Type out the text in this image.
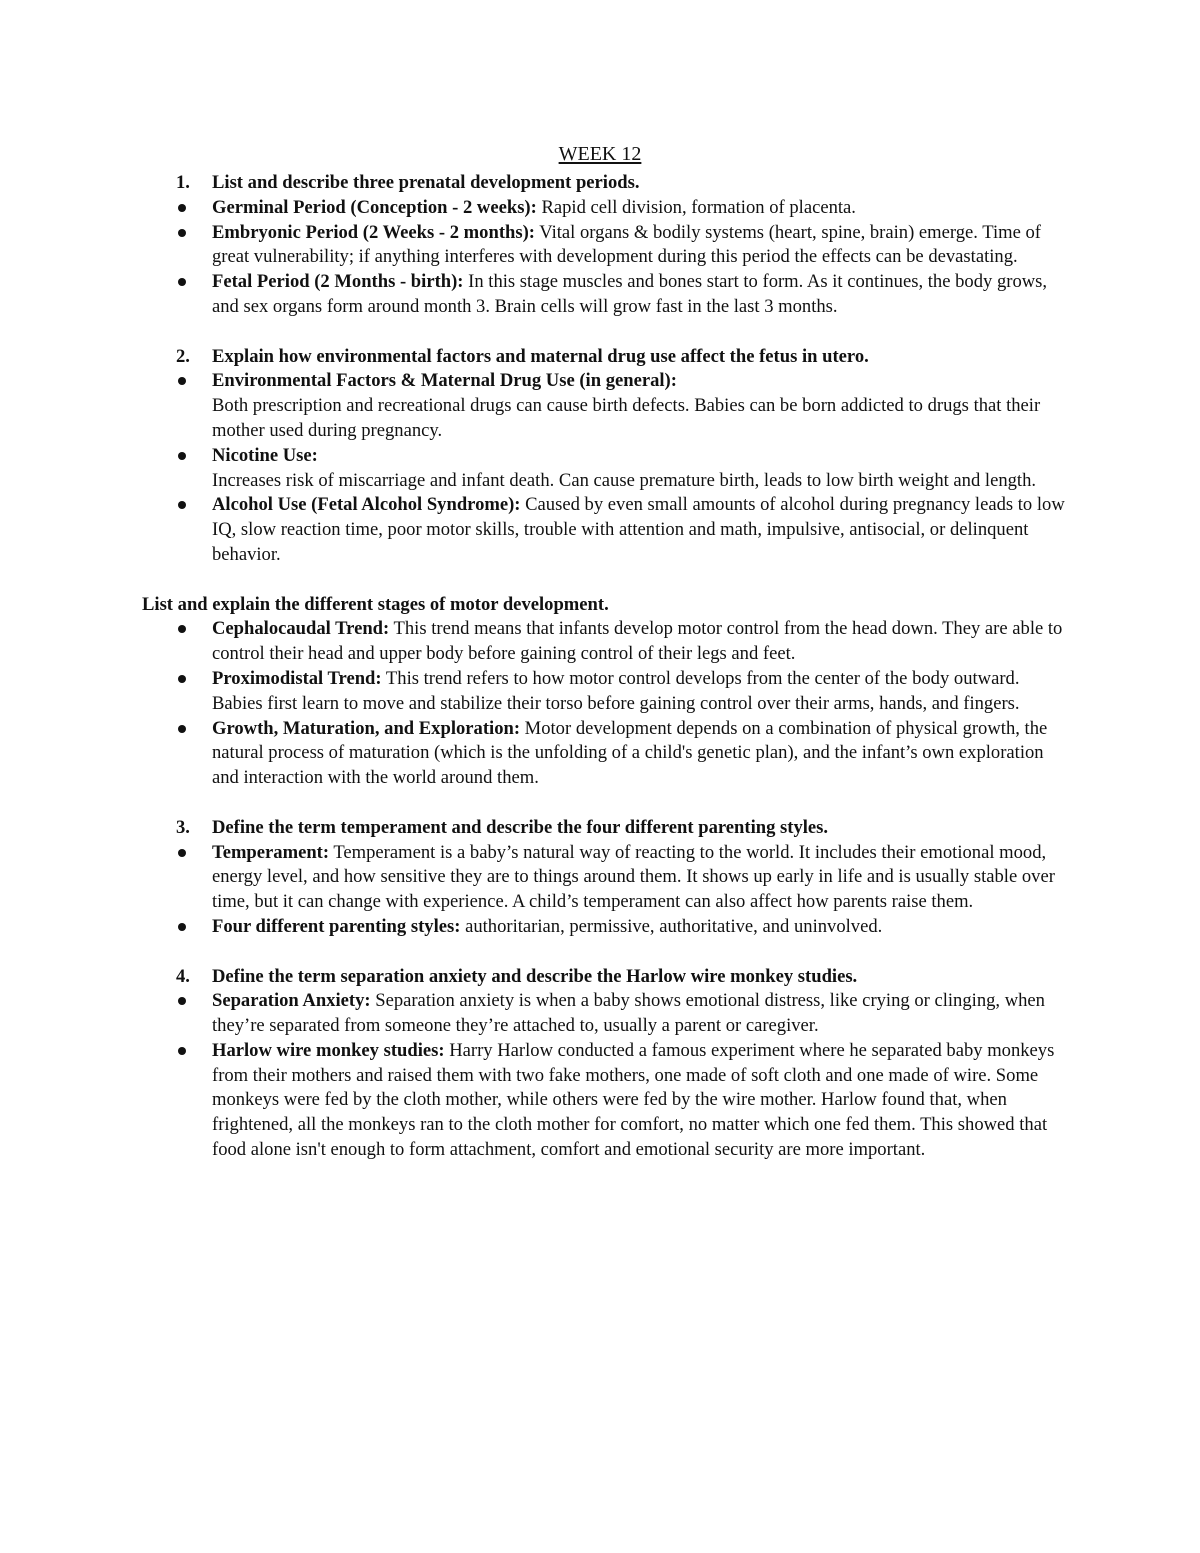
WEEK 12
1. List and describe three prenatal development periods.
Germinal Period (Conception - 2 weeks): Rapid cell division, formation of placenta.
Embryonic Period (2 Weeks - 2 months): Vital organs & bodily systems (heart, spine, brain) emerge. Time of great vulnerability; if anything interferes with development during this period the effects can be devastating.
Fetal Period (2 Months - birth): In this stage muscles and bones start to form. As it continues, the body grows, and sex organs form around month 3. Brain cells will grow fast in the last 3 months.
2. Explain how environmental factors and maternal drug use affect the fetus in utero.
Environmental Factors & Maternal Drug Use (in general):
Both prescription and recreational drugs can cause birth defects. Babies can be born addicted to drugs that their mother used during pregnancy.
Nicotine Use:
Increases risk of miscarriage and infant death. Can cause premature birth, leads to low birth weight and length.
Alcohol Use (Fetal Alcohol Syndrome): Caused by even small amounts of alcohol during pregnancy leads to low IQ, slow reaction time, poor motor skills, trouble with attention and math, impulsive, antisocial, or delinquent behavior.
List and explain the different stages of motor development.
Cephalocaudal Trend: This trend means that infants develop motor control from the head down. They are able to control their head and upper body before gaining control of their legs and feet.
Proximodistal Trend: This trend refers to how motor control develops from the center of the body outward. Babies first learn to move and stabilize their torso before gaining control over their arms, hands, and fingers.
Growth, Maturation, and Exploration: Motor development depends on a combination of physical growth, the natural process of maturation (which is the unfolding of a child's genetic plan), and the infant’s own exploration and interaction with the world around them.
3. Define the term temperament and describe the four different parenting styles.
Temperament: Temperament is a baby’s natural way of reacting to the world. It includes their emotional mood, energy level, and how sensitive they are to things around them. It shows up early in life and is usually stable over time, but it can change with experience. A child’s temperament can also affect how parents raise them.
Four different parenting styles: authoritarian, permissive, authoritative, and uninvolved.
4. Define the term separation anxiety and describe the Harlow wire monkey studies.
Separation Anxiety: Separation anxiety is when a baby shows emotional distress, like crying or clinging, when they’re separated from someone they’re attached to, usually a parent or caregiver.
Harlow wire monkey studies: Harry Harlow conducted a famous experiment where he separated baby monkeys from their mothers and raised them with two fake mothers, one made of soft cloth and one made of wire. Some monkeys were fed by the cloth mother, while others were fed by the wire mother. Harlow found that, when frightened, all the monkeys ran to the cloth mother for comfort, no matter which one fed them. This showed that food alone isn't enough to form attachment, comfort and emotional security are more important.
